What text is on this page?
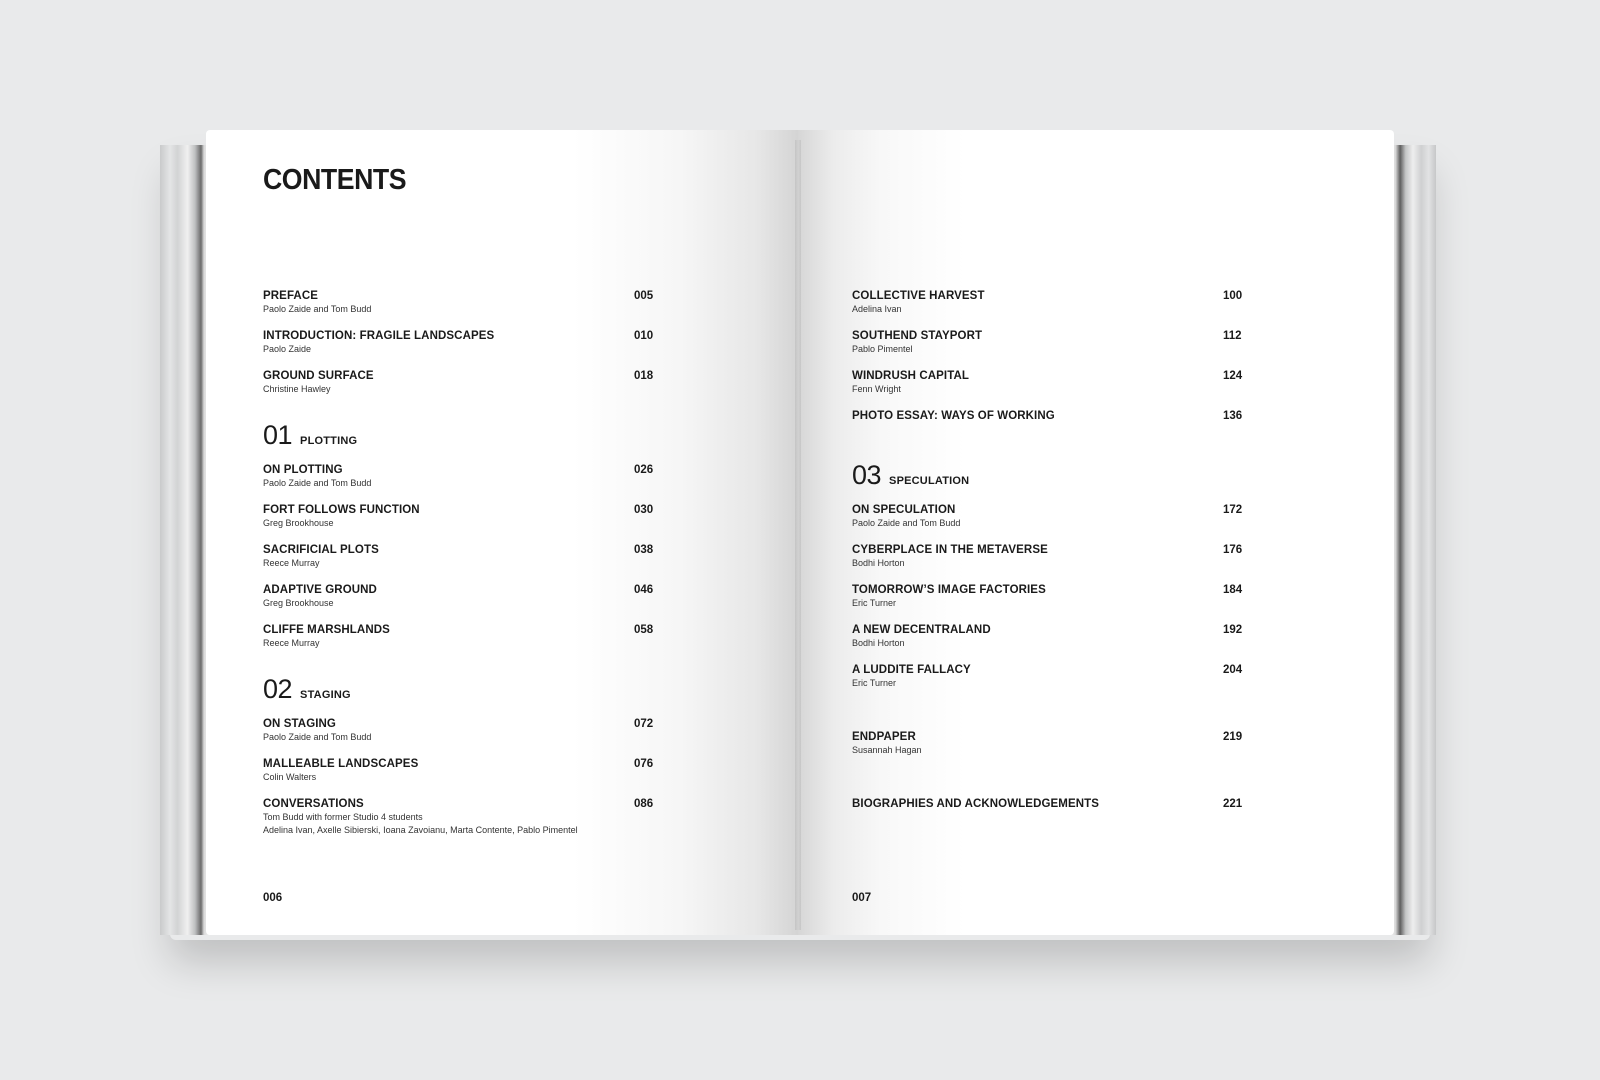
CONTENTS
PREFACE
Paolo Zaide and Tom Budd
005
INTRODUCTION: FRAGILE LANDSCAPES
Paolo Zaide
010
GROUND SURFACE
Christine Hawley
018
01 PLOTTING
ON PLOTTING
Paolo Zaide and Tom Budd
026
FORT FOLLOWS FUNCTION
Greg Brookhouse
030
SACRIFICIAL PLOTS
Reece Murray
038
ADAPTIVE GROUND
Greg Brookhouse
046
CLIFFE MARSHLANDS
Reece Murray
058
02 STAGING
ON STAGING
Paolo Zaide and Tom Budd
072
MALLEABLE LANDSCAPES
Colin Walters
076
CONVERSATIONS
Tom Budd with former Studio 4 students
Adelina Ivan, Axelle Sibierski, Ioana Zavoianu, Marta Contente, Pablo Pimentel
086
006
COLLECTIVE HARVEST
Adelina Ivan
100
SOUTHEND STAYPORT
Pablo Pimentel
112
WINDRUSH CAPITAL
Fenn Wright
124
PHOTO ESSAY: WAYS OF WORKING	136
03 SPECULATION
ON SPECULATION
Paolo Zaide and Tom Budd
172
CYBERPLACE IN THE METAVERSE
Bodhi Horton
176
TOMORROW’S IMAGE FACTORIES
Eric Turner
184
A NEW DECENTRALAND
Bodhi Horton
192
A LUDDITE FALLACY
Eric Turner
204
ENDPAPER
Susannah Hagan
219
BIOGRAPHIES AND ACKNOWLEDGEMENTS	221
007
